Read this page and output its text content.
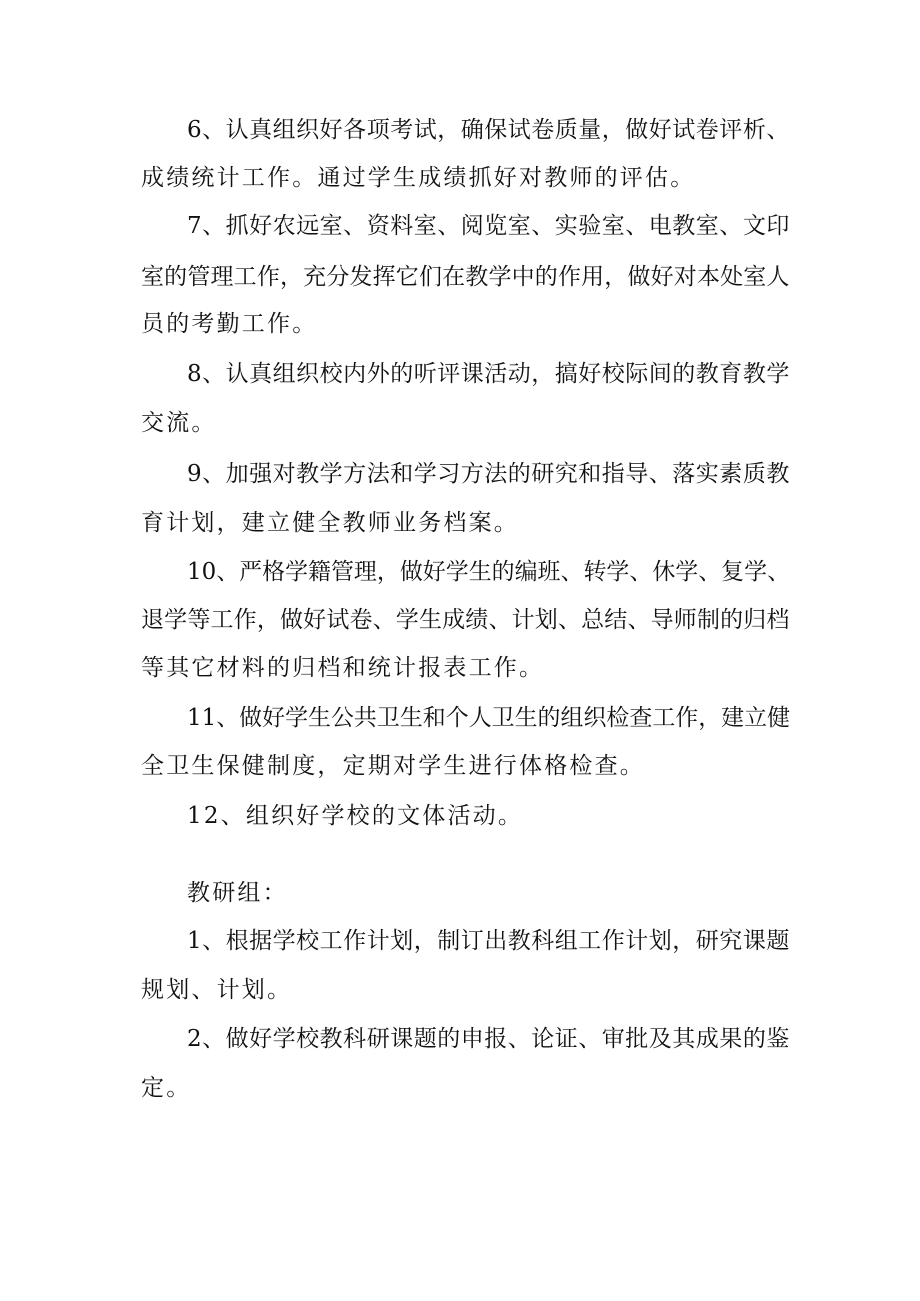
6、认真组织好各项考试，确保试卷质量，做好试卷评析、
成绩统计工作。通过学生成绩抓好对教师的评估。
7、抓好农远室、资料室、阅览室、实验室、电教室、文印
室的管理工作，充分发挥它们在教学中的作用，做好对本处室人
员的考勤工作。
8、认真组织校内外的听评课活动，搞好校际间的教育教学
交流。
9、加强对教学方法和学习方法的研究和指导、落实素质教
育计划，建立健全教师业务档案。
10、严格学籍管理，做好学生的编班、转学、休学、复学、
退学等工作，做好试卷、学生成绩、计划、总结、导师制的归档
等其它材料的归档和统计报表工作。
11、做好学生公共卫生和个人卫生的组织检查工作，建立健
全卫生保健制度，定期对学生进行体格检查。
12、组织好学校的文体活动。
教研组：
1、根据学校工作计划，制订出教科组工作计划，研究课题
规划、计划。
2、做好学校教科研课题的申报、论证、审批及其成果的鉴
定。
